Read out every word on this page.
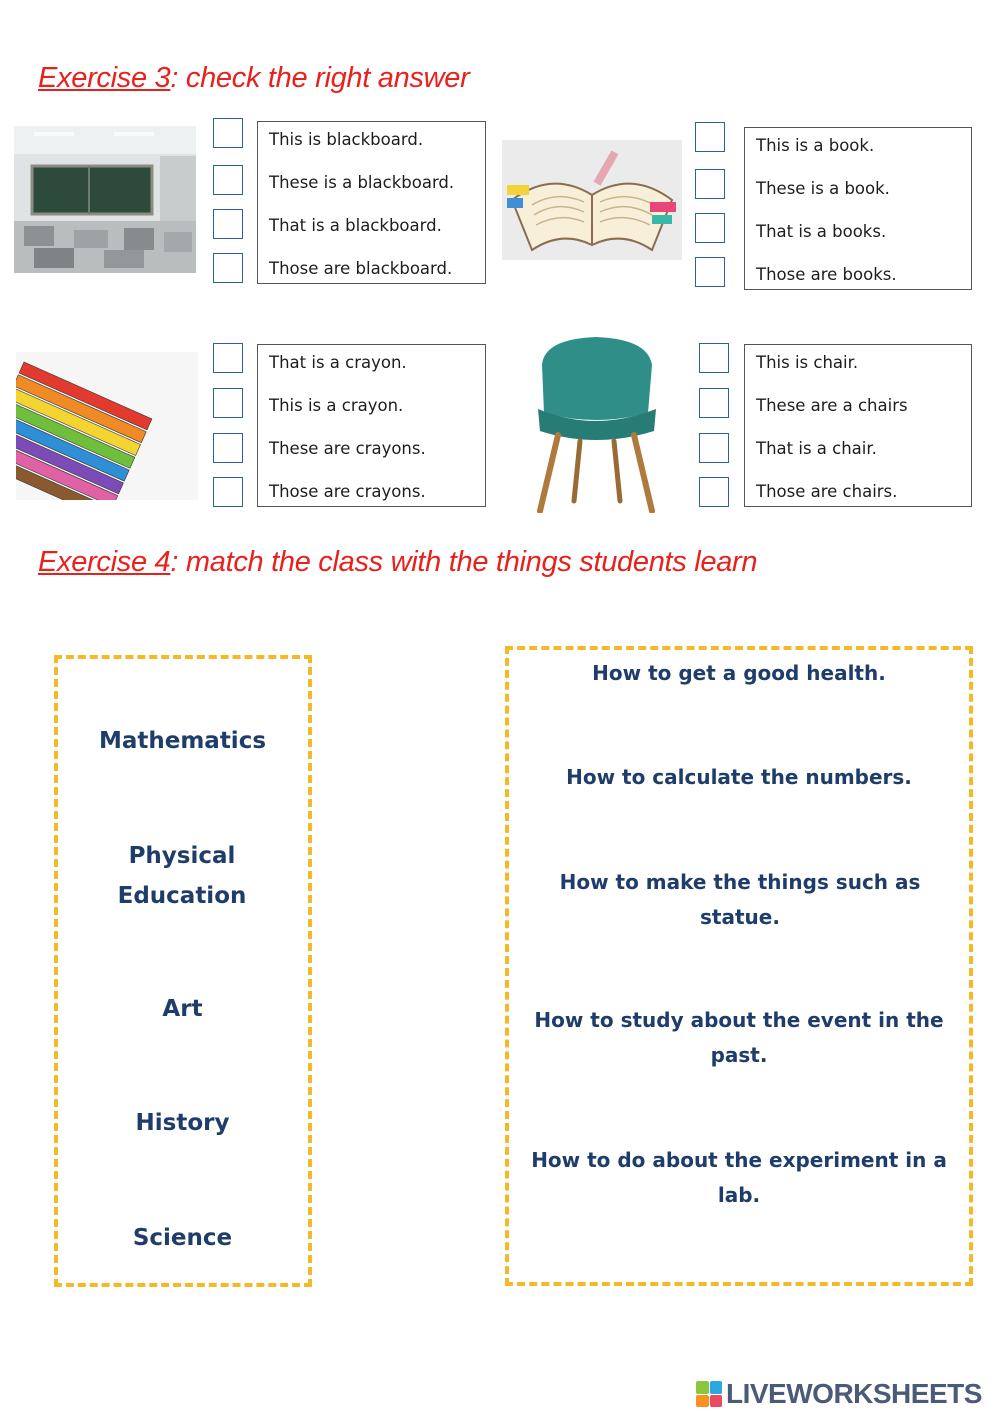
Exercise 3: check the right answer
This is blackboard.
These is a blackboard.
That is a blackboard.
Those are blackboard.
This is a book.
These is a book.
That is a books.
Those are books.
That is a crayon.
This is a crayon.
These are crayons.
Those are crayons.
This is chair.
These are a chairs
That is a chair.
Those are chairs.
Exercise 4: match the class with the things students learn
Mathematics
Physical Education
Art
History
Science
How to get a good health.
How to calculate the numbers.
How to make the things such as statue.
How to study about the event in the past.
How to do about the experiment in a lab.
LIVEWORKSHEETS
